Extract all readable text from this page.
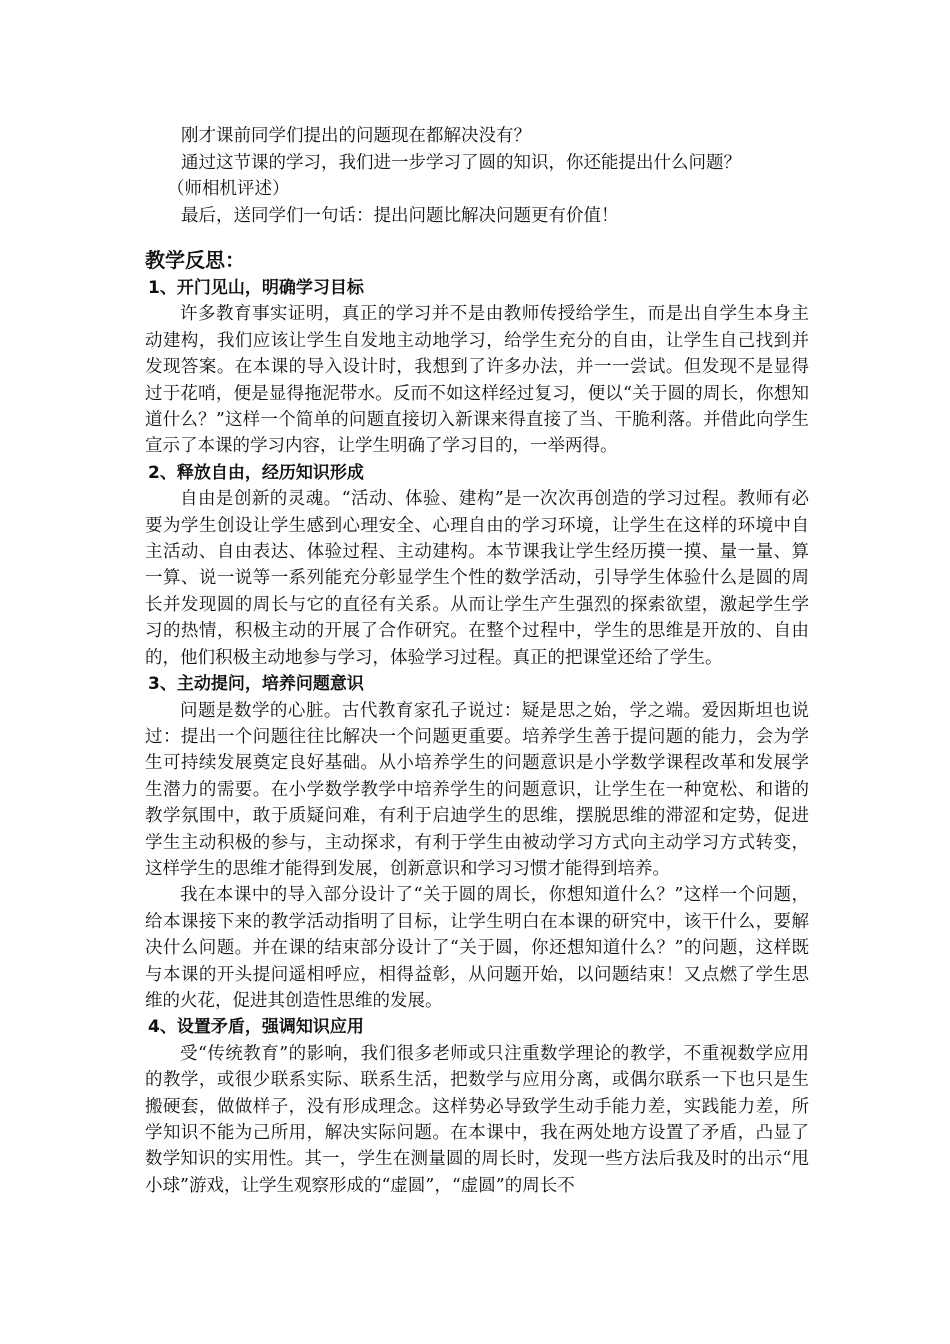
刚才课前同学们提出的问题现在都解决没有？

通过这节课的学习，我们进一步学习了圆的知识，你还能提出什么问题？

（师相机评述）

最后，送同学们一句话：提出问题比解决问题更有价值！

教学反思：
1、开门见山，明确学习目标

许多教育事实证明，真正的学习并不是由教师传授给学生，而是出自学生本身主动建构，我们应该让学生自发地主动地学习，给学生充分的自由，让学生自己找到并发现答案。在本课的导入设计时，我想到了许多办法，并一一尝试。但发现不是显得过于花哨，便是显得拖泥带水。反而不如这样经过复习，便以“关于圆的周长，你想知道什么？”这样一个简单的问题直接切入新课来得直接了当、干脆利落。并借此向学生宣示了本课的学习内容，让学生明确了学习目的，一举两得。

2、释放自由，经历知识形成

自由是创新的灵魂。“活动、体验、建构”是一次次再创造的学习过程。教师有必要为学生创设让学生感到心理安全、心理自由的学习环境，让学生在这样的环境中自主活动、自由表达、体验过程、主动建构。本节课我让学生经历摸一摸、量一量、算一算、说一说等一系列能充分彰显学生个性的数学活动，引导学生体验什么是圆的周长并发现圆的周长与它的直径有关系。从而让学生产生强烈的探索欲望，激起学生学习的热情，积极主动的开展了合作研究。在整个过程中，学生的思维是开放的、自由的，他们积极主动地参与学习，体验学习过程。真正的把课堂还给了学生。

3、主动提问，培养问题意识

问题是数学的心脏。古代教育家孔子说过：疑是思之始，学之端。爱因斯坦也说过：提出一个问题往往比解决一个问题更重要。培养学生善于提问题的能力，会为学生可持续发展奠定良好基础。从小培养学生的问题意识是小学数学课程改革和发展学生潜力的需要。在小学数学教学中培养学生的问题意识，让学生在一种宽松、和谐的教学氛围中，敢于质疑问难，有利于启迪学生的思维，摆脱思维的滞涩和定势，促进学生主动积极的参与，主动探求，有利于学生由被动学习方式向主动学习方式转变，这样学生的思维才能得到发展，创新意识和学习习惯才能得到培养。

我在本课中的导入部分设计了“关于圆的周长，你想知道什么？”这样一个问题，给本课接下来的教学活动指明了目标，让学生明白在本课的研究中，该干什么，要解决什么问题。并在课的结束部分设计了“关于圆，你还想知道什么？”的问题，这样既与本课的开头提问遥相呼应，相得益彰，从问题开始，以问题结束！又点燃了学生思维的火花，促进其创造性思维的发展。

4、设置矛盾，强调知识应用

受“传统教育”的影响，我们很多老师或只注重数学理论的教学，不重视数学应用的教学，或很少联系实际、联系生活，把数学与应用分离，或偶尔联系一下也只是生搬硬套，做做样子，没有形成理念。这样势必导致学生动手能力差，实践能力差，所学知识不能为己所用，解决实际问题。在本课中，我在两处地方设置了矛盾，凸显了数学知识的实用性。其一，学生在测量圆的周长时，发现一些方法后我及时的出示“甩小球”游戏，让学生观察形成的“虚圆”，“虚圆”的周长不
